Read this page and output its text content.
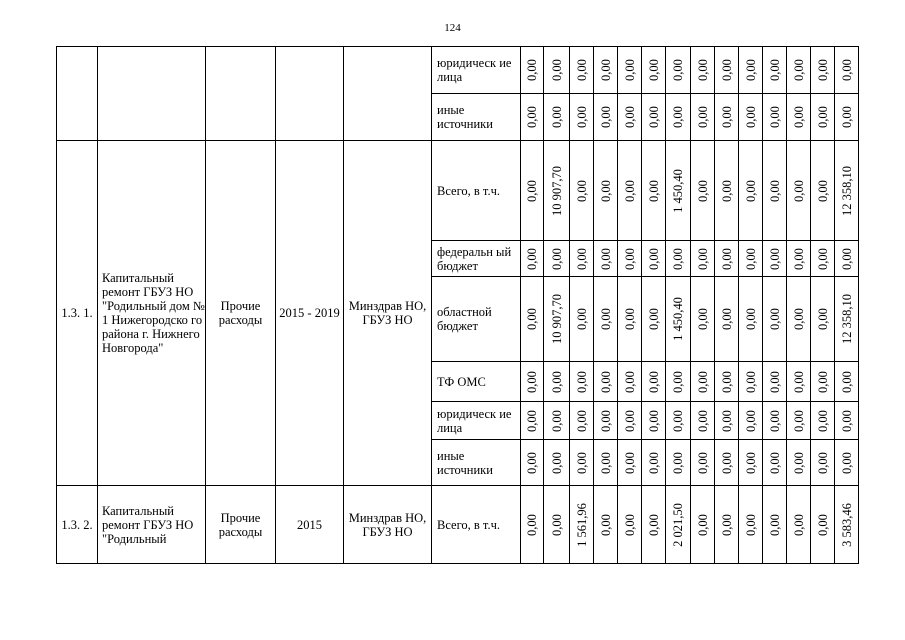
124
					юридическ ие лица	0,00	0,00	0,00	0,00	0,00	0,00	0,00	0,00	0,00	0,00	0,00	0,00	0,00	0,00

					иные источники	0,00	0,00	0,00	0,00	0,00	0,00	0,00	0,00	0,00	0,00	0,00	0,00	0,00	0,00

1.3. 1.	Капитальный ремонт ГБУЗ НО "Родильный дом № 1 Нижегородско го района г. Нижнего Новгорода"	Прочие расходы	2015 - 2019	Минздрав НО, ГБУЗ НО	Всего, в т.ч.	0,00	10 907,70	0,00	0,00	0,00	0,00	1 450,40	0,00	0,00	0,00	0,00	0,00	0,00	12 358,10

					федеральн ый бюджет	0,00	0,00	0,00	0,00	0,00	0,00	0,00	0,00	0,00	0,00	0,00	0,00	0,00	0,00

					областной бюджет	0,00	10 907,70	0,00	0,00	0,00	0,00	1 450,40	0,00	0,00	0,00	0,00	0,00	0,00	12 358,10

					ТФ ОМС	0,00	0,00	0,00	0,00	0,00	0,00	0,00	0,00	0,00	0,00	0,00	0,00	0,00	0,00

					юридическ ие лица	0,00	0,00	0,00	0,00	0,00	0,00	0,00	0,00	0,00	0,00	0,00	0,00	0,00	0,00

					иные источники	0,00	0,00	0,00	0,00	0,00	0,00	0,00	0,00	0,00	0,00	0,00	0,00	0,00	0,00

1.3. 2.	Капитальный ремонт ГБУЗ НО "Родильный	Прочие расходы	2015	Минздрав НО, ГБУЗ НО	Всего, в т.ч.	0,00	0,00	1 561,96	0,00	0,00	0,00	2 021,50	0,00	0,00	0,00	0,00	0,00	0,00	3 583,46
